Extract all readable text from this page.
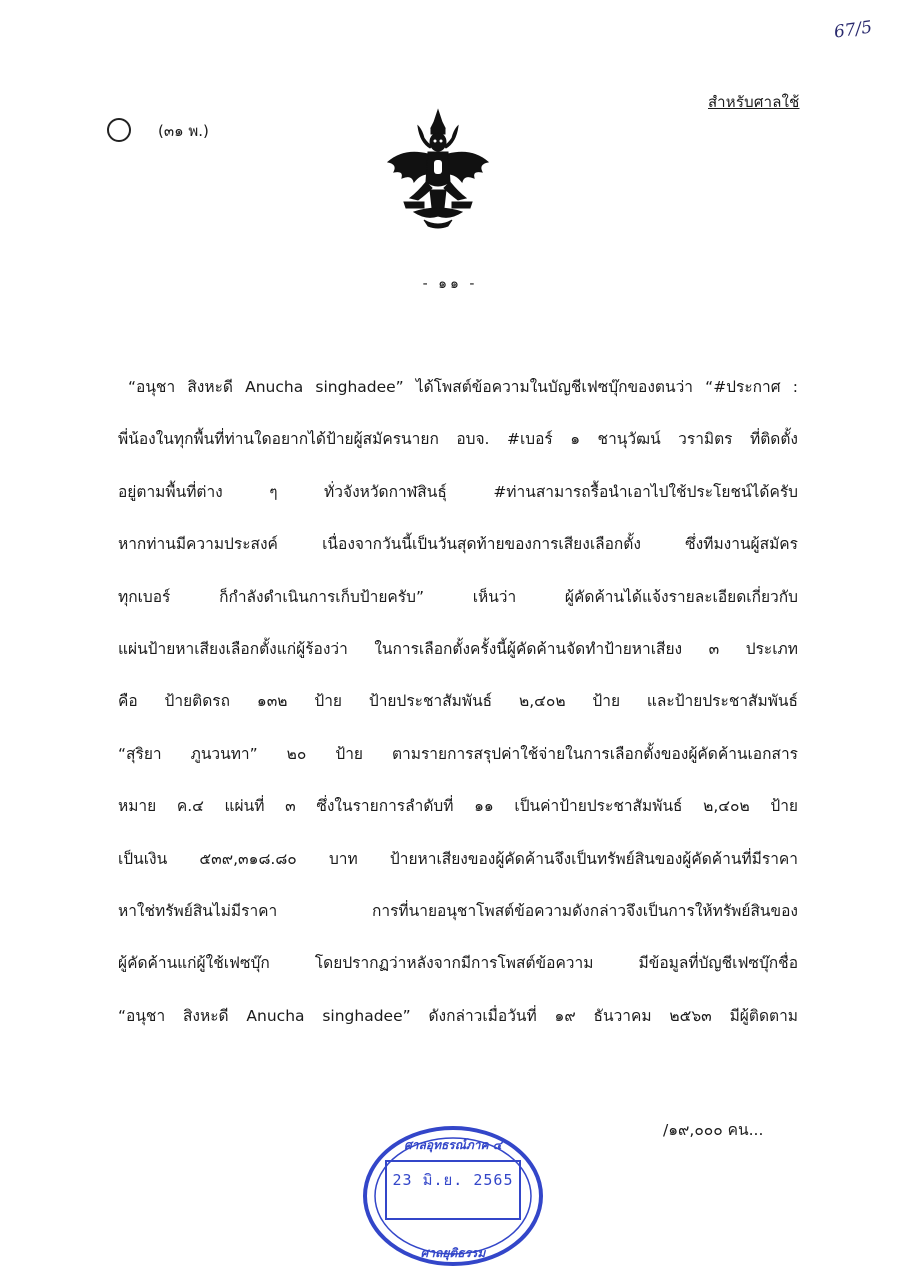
67/5
สำหรับศาลใช้
(๓๑ พ.)
- ๑๑ -
“อนุชา สิงหะดี Anucha singhadee” ได้โพสต์ข้อความในบัญชีเฟซบุ๊กของตนว่า “#ประกาศ :
พี่น้องในทุกพื้นที่ท่านใดอยากได้ป้ายผู้สมัครนายก อบจ. #เบอร์ ๑ ชานุวัฒน์ วรามิตร ที่ติดตั้ง
อยู่ตามพื้นที่ต่าง ๆ ทั่วจังหวัดกาฬสินธุ์ #ท่านสามารถรื้อนำเอาไปใช้ประโยชน์ได้ครับ
หากท่านมีความประสงค์ เนื่องจากวันนี้เป็นวันสุดท้ายของการเสียงเลือกตั้ง ซึ่งทีมงานผู้สมัคร
ทุกเบอร์ ก็กำลังดำเนินการเก็บป้ายครับ” เห็นว่า ผู้คัดค้านได้แจ้งรายละเอียดเกี่ยวกับ
แผ่นป้ายหาเสียงเลือกตั้งแก่ผู้ร้องว่า ในการเลือกตั้งครั้งนี้ผู้คัดค้านจัดทำป้ายหาเสียง ๓ ประเภท
คือ ป้ายติดรถ ๑๓๒ ป้าย ป้ายประชาสัมพันธ์ ๒,๔๐๒ ป้าย และป้ายประชาสัมพันธ์
“สุริยา ภูนวนทา” ๒๐ ป้าย ตามรายการสรุปค่าใช้จ่ายในการเลือกตั้งของผู้คัดค้านเอกสาร
หมาย ค.๔ แผ่นที่ ๓ ซึ่งในรายการลำดับที่ ๑๑ เป็นค่าป้ายประชาสัมพันธ์ ๒,๔๐๒ ป้าย
เป็นเงิน ๕๓๙,๓๑๘.๘๐ บาท ป้ายหาเสียงของผู้คัดค้านจึงเป็นทรัพย์สินของผู้คัดค้านที่มีราคา
หาใช่ทรัพย์สินไม่มีราคา การที่นายอนุชาโพสต์ข้อความดังกล่าวจึงเป็นการให้ทรัพย์สินของ
ผู้คัดค้านแก่ผู้ใช้เฟซบุ๊ก โดยปรากฏว่าหลังจากมีการโพสต์ข้อความ มีข้อมูลที่บัญชีเฟซบุ๊กชื่อ
“อนุชา สิงหะดี Anucha singhadee” ดังกล่าวเมื่อวันที่ ๑๙ ธันวาคม ๒๕๖๓ มีผู้ติดตาม
/๑๙,๐๐๐ คน...
ศาลอุทธรณ์ภาค ๔
23 มิ.ย. 2565
ศาลยุติธรรม
